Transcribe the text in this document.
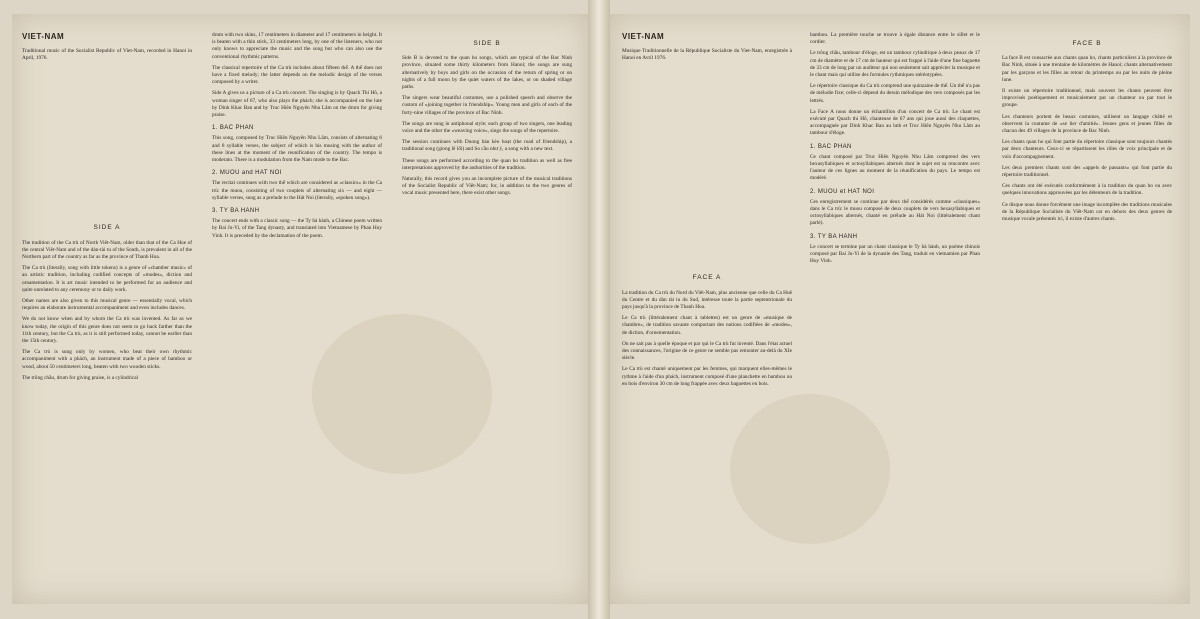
VIET-NAM

Traditional music of the Socialist Republic of Viet-Nam, recorded in Hanoi in April, 1976.

SIDE A

The tradition of the Ca trù of North Viêt-Nam, older than that of the Ca Hue of the central Viêt-Nam and of the dàn-tài tu of the South, is prevalent in all of the Northern part of the country as far as the province of Thanh Hoa.

The Ca trù (literally, song with little tokens) is a genre of «chamber music» of an artistic tradition, including codified concepts of «modes», diction and ornamentation. It is art music intended to be performed for an audience and quite unrelated to any ceremony or to daily work.

Other names are also given to this musical genre — essentially vocal, which requires an elaborate instrumental accompaniment and even includes dances.

We do not know when and by whom the Ca trù was invented. As far as we know today, the origin of this genre does not seem to go back farther than the 11th century, but the Ca trù, as it is still performed today, cannot be earlier than the 15th century.

The Ca trù is sung only by women, who beat their own rhythmic accompaniment with a phách, an instrument made of a piece of bamboo or wood, about 50 centimeters long, beaten with two wooden sticks.

The trông chầu, drum for giving praise, is a cylindrical

drum with two skins, 17 centimeters in diameter and 17 centimeters in height. It is beaten with a thin stick, 33 centimeters long, by one of the listeners, who not only knows to appreciate the music and the song but who can also use the conventional rhythmic patterns.

The classical repertoire of the Ca trù includes about fifteen thể. A thể does not have a fixed melody; the latter depends on the melodic design of the verses composed by a writer.

Side A gives us a picture of a Ca trù concert. The singing is by Quach Thi Hô, a woman singer of 67, who also plays the phách; she is accompanied on the lute by Dinh Khac Ban and by Truc Hiên Nguyên Nhu Lâm on the drum for giving praise.

1. BAC PHAN

This song, composed by Truc Hiên Nguyên Nhu Lâm, consists of alternating 6 and 8 syllable verses, the subject of which is his musing with the author of these lines at the moment of the reunification of the country. The tempo is moderato. There is a modulation from the Nam mode to the Bac.

2. MUOU and HAT NOI

The recital continues with two thể which are considered as «classics» in the Ca trù: the muou, consisting of two couplets of alternating six — and eight — syllable verses, sung as a prelude to the Hát Noi (literally, «spoken song»).

3. TY BA HANH

The concert ends with a classic song — the Ty bà hành, a Chinese poem written by Bai Ju-Yi, of the Tang dynasty, and translated into Vietnamese by Phan Huy Vinh. It is preceded by the declamation of the poem.

SIDE B

Side B is devoted to the quan ho songs, which are typical of the Bac Ninh province, situated some thirty kilometers from Hanoi; the songs are sung alternatively by boys and girls on the occasion of the return of spring or on nights of a full moon by the quiet waters of the lakes, or on shaded village paths.

The singers wear beautiful costumes, use a polished speech and observe the custom of «joining together in friendship». Young men and girls of each of the forty-nine villages of the province of Bac Ninh.

The songs are sung in antiphonal style; each group of two singers, one leading voice and the other the «weaving voice», sings the songs of the repertoire.

The session continues with Duong bàn kèo hoạt (the road of friendship), a traditional song (giong lê lối) and So cầu như ý, a song with a new text.

These songs are performed according to the quan ho tradition as well as free interpretations approved by the authorities of the tradition.

Naturally, this record gives you an incomplete picture of the musical traditions of the Socialist Republic of Viêt-Nam; for, in addition to the two genres of vocal music presented here, there exist other songs.

VIET-NAM

Musique Traditionnelle de la République Socialiste du Viet-Nam, enregistrée à Hanoi en Avril 1976.

FACE A

La tradition du Ca trù du Nord du Viêt-Nam, plus ancienne que celle du Ca Huê du Centre et du dàn tài tu du Sud, intéresse toute la partie septentrionale du pays jusqu'à la province de Thanh Hoa.

Le Ca trù (littéralement chant à tablettes) est un genre de «musique de chambre», de tradition savante comportant des notions codifiées de «modes», de diction, d'ornementation.

On ne sait pas à quelle époque et par qui le Ca trù fut inventé. Dans l'état actuel des connaissances, l'origine de ce genre ne semble pas remonter au-delà du XIe siècle.

Le Ca trù est chanté uniquement par les femmes, qui marquent elles-mêmes le rythme à l'aide d'un phách, instrument composé d'une planchette en bambou ou en bois d'environ 30 cm de long frappée avec deux baguettes en bois.

bambou. La première touche se trouve à égale distance entre le sillet et le cordier.

Le trông chầu, tambour d'éloge, est un tambour cylindrique à deux peaux de 17 cm de diamètre et de 17 cm de hauteur qui est frappé à l'aide d'une fine baguette de 33 cm de long par un auditeur qui non seulement sait apprécier la musique et le chant mais qui utilise des formules rythmiques stéréotypées.

Le répertoire classique du Ca trù comprend une quinzaine de thể. Un thể n'a pas de mélodie fixe; celle-ci dépend du dessin mélodique des vers composés par les lettrés.

La Face A nous donne un échantillon d'un concert de Ca trù. Le chant est exécuté par Quach thi Hô, chanteuse de 67 ans qui joue aussi des claquettes, accompagnée par Dinh Khac Ban au luth et Truc Hiên Nguyên Nhu Lâm au tambour d'éloge.

1. BAC PHAN

Ce chant composé par Truc Hiên Nguyên Nhu Lâm comprend des vers hexasyllabiques et octosyllabiques alternés dont le sujet est sa rencontre avec l'auteur de ces lignes au moment de la réunification du pays. Le tempo est modéré.

2. MUOU et HAT NOI

Ces enregistrement se continue par deux thể considérés comme «classiques» dans le Ca trù: le muou composé de deux couplets de vers hexasyllabiques et octosyllabiques alternés, chanté en prélude au Hát Noi (littéralement chant parlé).

3. TY BA HANH

Le concert se termine par un chant classique le Ty bà hành, un poème chinois composé par Bai Ju-Yi de la dynastie des Tang, traduit en vietnamien par Phan Huy Vinh.

FACE B

La face B est consacrée aux chants quan ho, chants particuliers à la province de Bac Ninh, située à une trentaine de kilomètres de Hanoi; chants alternativement par les garçons et les filles au retour du printemps ou par les nuits de pleine lune.

Il existe un répertoire traditionnel, mais souvent les chants peuvent être improvisés poétiquement et musicalement par un chanteur ou par tout le groupe.

Les chanteurs portent de beaux costumes, utilisent un langage châtié et observent la coutume de «se lier d'amitié». Jeunes gens et jeunes filles de chacun des 49 villages de la province de Bac Ninh.

Les chants quan ho qui font partie du répertoire classique sont toujours chantés par deux chanteurs. Ceux-ci se répartissent les rôles de voix principale et de voix d'accompagnement.

Les deux premiers chants sont des «appels de passants» qui font partie du répertoire traditionnel.

Ces chants ont été exécutés conformément à la tradition du quan ho ou avec quelques innovations approuvées par les détenteurs de la tradition.

Ce disque nous donne forcément une image incomplète des traditions musicales de la République Socialiste du Viêt-Nam car en dehors des deux genres de musique vocale présentés ici, il existe d'autres chants.
